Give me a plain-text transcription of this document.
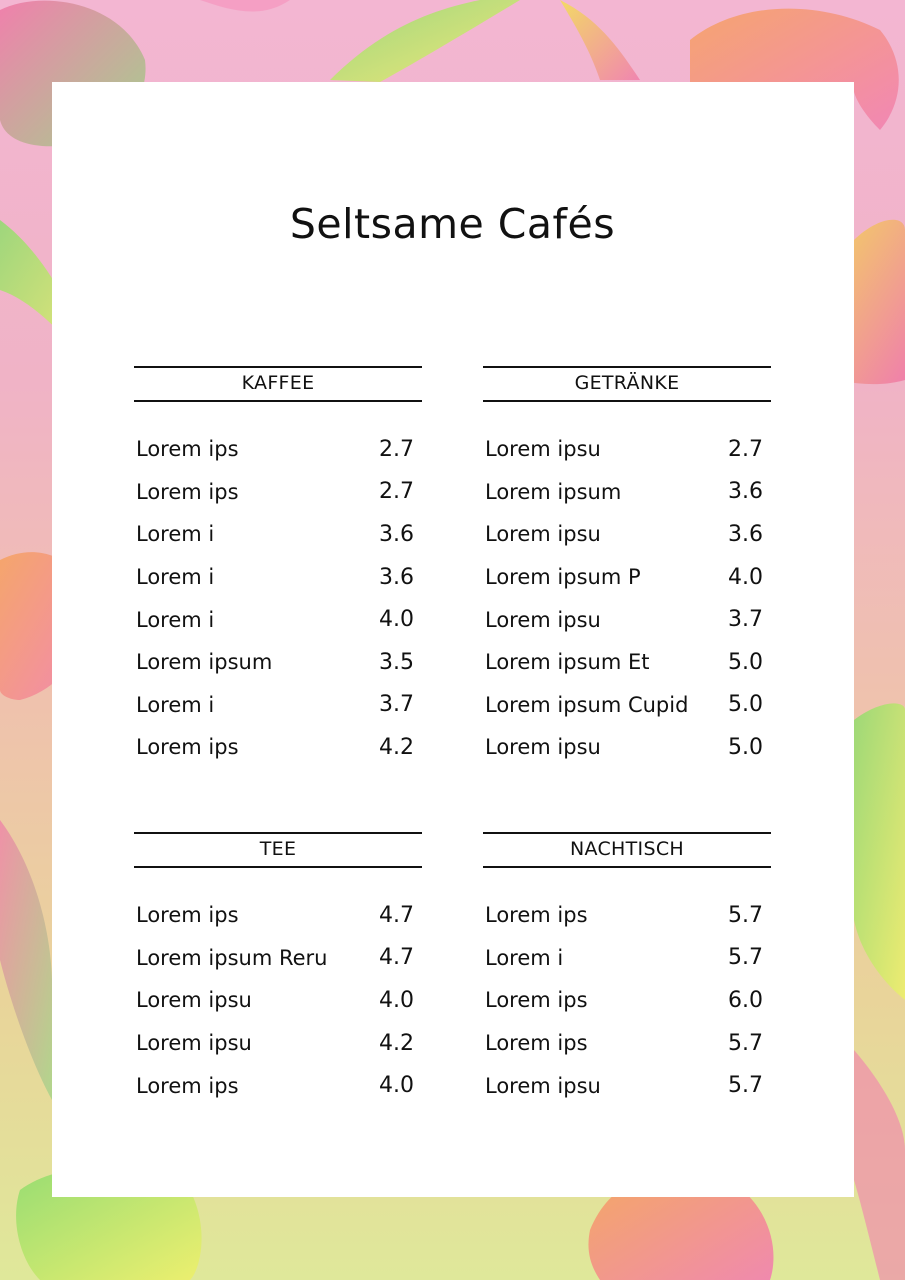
Seltsame Cafés
KAFFEE
Lorem ips	2.7
Lorem ips	2.7
Lorem i	3.6
Lorem i	3.6
Lorem i	4.0
Lorem ipsum	3.5
Lorem i	3.7
Lorem ips	4.2
GETRÄNKE
Lorem ipsu	2.7
Lorem ipsum	3.6
Lorem ipsu	3.6
Lorem ipsum P	4.0
Lorem ipsu	3.7
Lorem ipsum Et	5.0
Lorem ipsum Cupid 5.0
Lorem ipsu	5.0
TEE
Lorem ips	4.7
Lorem ipsum Reru 4.7
Lorem ipsu	4.0
Lorem ipsu	4.2
Lorem ips	4.0
NACHTISCH
Lorem ips	5.7
Lorem i	5.7
Lorem ips	6.0
Lorem ips	5.7
Lorem ipsu	5.7
